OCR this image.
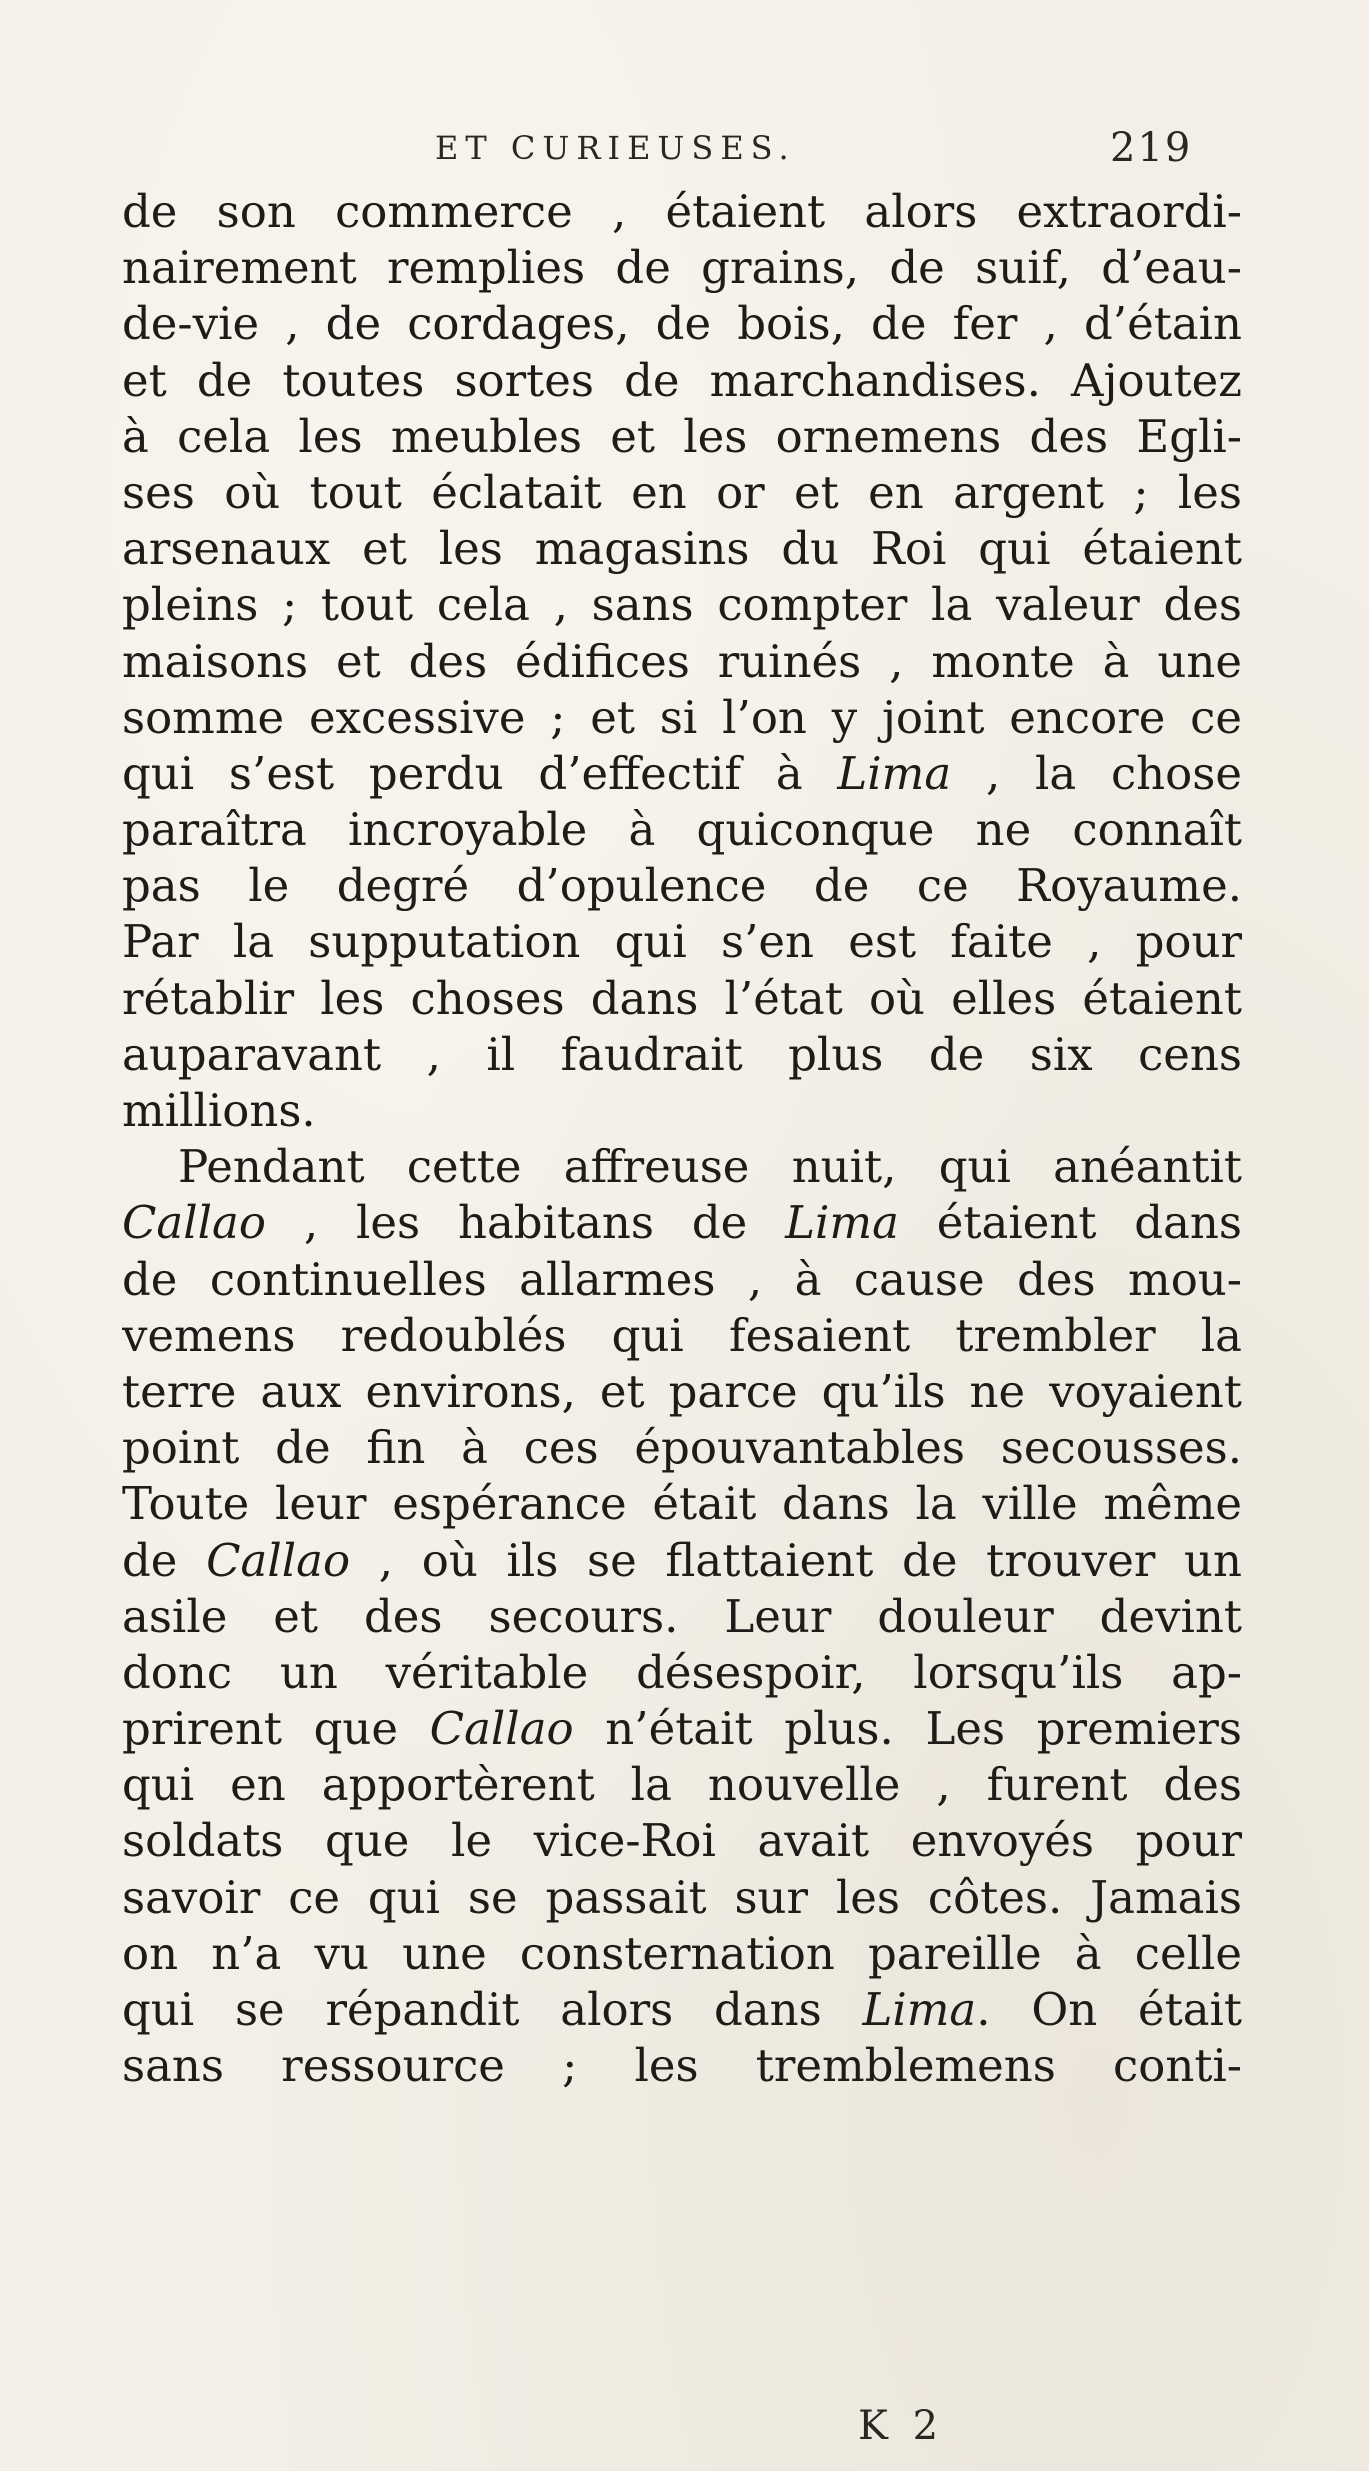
ET CURIEUSES.	219
de son commerce , étaient alors extraordi-
nairement remplies de grains, de suif, d’eau-
de-vie , de cordages, de bois, de fer , d’étain
et de toutes sortes de marchandises. Ajoutez
à cela les meubles et les ornemens des Egli-
ses où tout éclatait en or et en argent ; les
arsenaux et les magasins du Roi qui étaient
pleins ; tout cela , sans compter la valeur des
maisons et des édifices ruinés , monte à une
somme excessive ; et si l’on y joint encore ce
qui s’est perdu d’effectif à Lima , la chose
paraîtra incroyable à quiconque ne connaît
pas le degré d’opulence de ce Royaume.
Par la supputation qui s’en est faite , pour
rétablir les choses dans l’état où elles étaient
auparavant , il faudrait plus de six cens
millions.
Pendant cette affreuse nuit, qui anéantit
Callao , les habitans de Lima étaient dans
de continuelles allarmes , à cause des mou-
vemens redoublés qui fesaient trembler la
terre aux environs, et parce qu’ils ne voyaient
point de fin à ces épouvantables secousses.
Toute leur espérance était dans la ville même
de Callao , où ils se flattaient de trouver un
asile et des secours. Leur douleur devint
donc un véritable désespoir, lorsqu’ils ap-
prirent que Callao n’était plus. Les premiers
qui en apportèrent la nouvelle , furent des
soldats que le vice-Roi avait envoyés pour
savoir ce qui se passait sur les côtes. Jamais
on n’a vu une consternation pareille à celle
qui se répandit alors dans Lima. On était
sans ressource ; les tremblemens conti-
K 2
